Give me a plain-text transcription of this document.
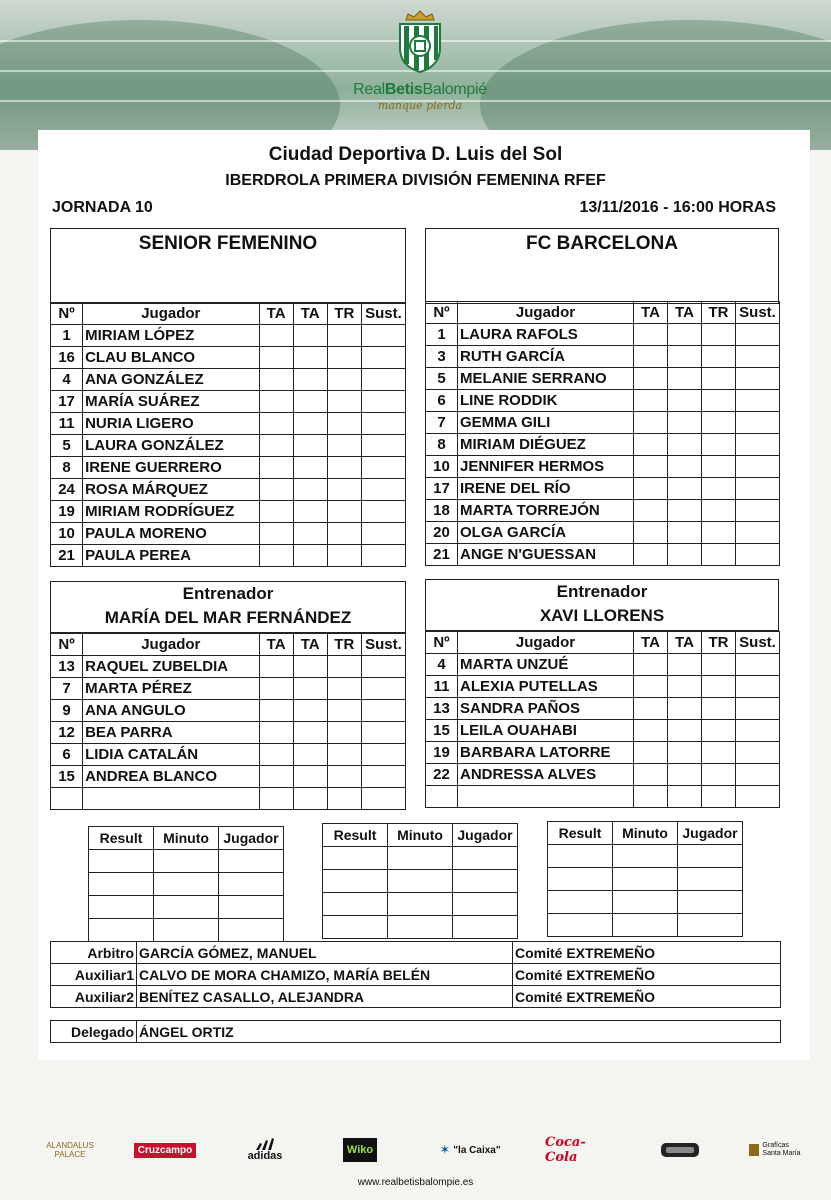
RealBetisBalompié
manque pierda
Ciudad Deportiva D. Luis del Sol
IBERDROLA PRIMERA DIVISIÓN FEMENINA RFEF
JORNADA 10	13/11/2016 - 16:00 HORAS
SENIOR FEMENINO	FC BARCELONA
Nº	Jugador	TA	TA	TR	Sust.
1	MIRIAM LÓPEZ				
16	CLAU BLANCO				
4	ANA GONZÁLEZ				
17	MARÍA SUÁREZ				
11	NURIA LIGERO				
5	LAURA GONZÁLEZ				
8	IRENE GUERRERO				
24	ROSA MÁRQUEZ				
19	MIRIAM RODRÍGUEZ				
10	PAULA MORENO				
21	PAULA PEREA				
Nº	Jugador	TA	TA	TR	Sust.
1	LAURA RAFOLS				
3	RUTH GARCÍA				
5	MELANIE SERRANO				
6	LINE RODDIK				
7	GEMMA GILI				
8	MIRIAM DIÉGUEZ				
10	JENNIFER HERMOS				
17	IRENE DEL RÍO				
18	MARTA TORREJÓN				
20	OLGA GARCÍA				
21	ANGE N'GUESSAN				
Entrenador
MARÍA DEL MAR FERNÁNDEZ
Entrenador
XAVI LLORENS
Nº	Jugador	TA	TA	TR	Sust.
13	RAQUEL ZUBELDIA				
7	MARTA PÉREZ				
9	ANA ANGULO				
12	BEA PARRA				
6	LIDIA CATALÁN				
15	ANDREA BLANCO				

Nº	Jugador	TA	TA	TR	Sust.
4	MARTA UNZUÉ				
11	ALEXIA PUTELLAS				
13	SANDRA PAÑOS				
15	LEILA OUAHABI				
19	BARBARA LATORRE				
22	ANDRESSA ALVES				

Result	Minuto	Jugador

			Result	Minuto	Jugador

			Result	Minuto	Jugador

Arbitro	GARCÍA GÓMEZ, MANUEL	Comité EXTREMEÑO
Auxiliar1	CALVO DE MORA CHAMIZO, MARÍA BELÉN	Comité EXTREMEÑO
Auxiliar2	BENÍTEZ CASALLO, ALEJANDRA	Comité EXTREMEÑO
Delegado	ÁNGEL ORTIZ
ALANDALUS
PALACE	Cruzcampo	adidas	Wiko	✶ "la Caixa"	Coca-Cola
Grafícas
Santa María
www.realbetisbalompie.es
